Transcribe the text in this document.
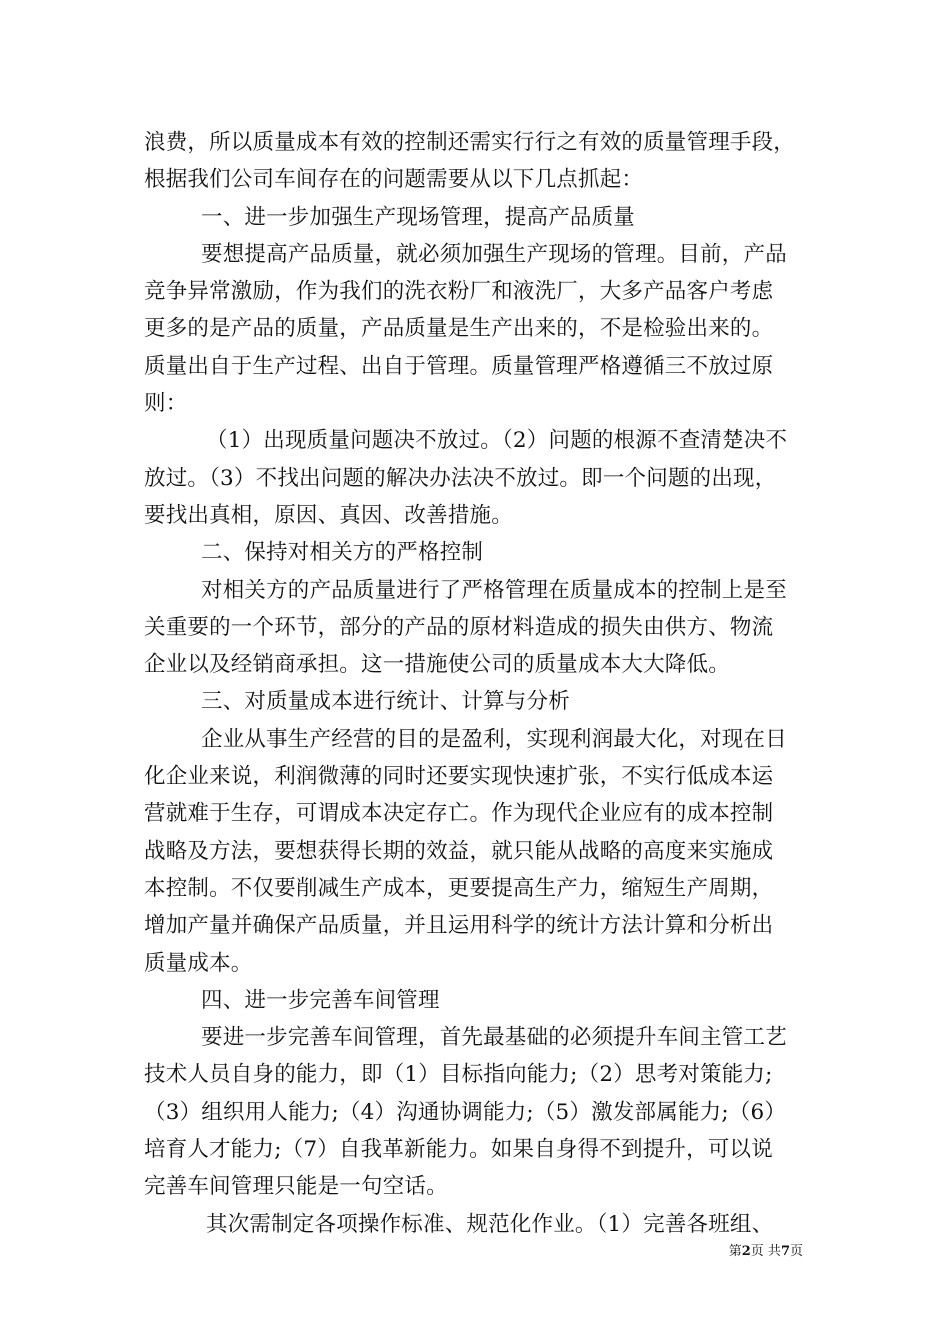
浪费，所以质量成本有效的控制还需实行行之有效的质量管理手段，
根据我们公司车间存在的问题需要从以下几点抓起：
一、进一步加强生产现场管理，提高产品质量
要想提高产品质量，就必须加强生产现场的管理。目前，产品
竞争异常激励，作为我们的洗衣粉厂和液洗厂，大多产品客户考虑
更多的是产品的质量，产品质量是生产出来的，不是检验出来的。
质量出自于生产过程、出自于管理。质量管理严格遵循三不放过原
则：
（1）出现质量问题决不放过。（2）问题的根源不查清楚决不
放过。（3）不找出问题的解决办法决不放过。即一个问题的出现，
要找出真相，原因、真因、改善措施。
二、保持对相关方的严格控制
对相关方的产品质量进行了严格管理在质量成本的控制上是至
关重要的一个环节，部分的产品的原材料造成的损失由供方、物流
企业以及经销商承担。这一措施使公司的质量成本大大降低。
三、对质量成本进行统计、计算与分析
企业从事生产经营的目的是盈利，实现利润最大化，对现在日
化企业来说，利润微薄的同时还要实现快速扩张，不实行低成本运
营就难于生存，可谓成本决定存亡。作为现代企业应有的成本控制
战略及方法，要想获得长期的效益，就只能从战略的高度来实施成
本控制。不仅要削减生产成本，更要提高生产力，缩短生产周期，
增加产量并确保产品质量，并且运用科学的统计方法计算和分析出
质量成本。
四、进一步完善车间管理
要进一步完善车间管理，首先最基础的必须提升车间主管工艺
技术人员自身的能力，即（1）目标指向能力;（2）思考对策能力;
（3）组织用人能力;（4）沟通协调能力;（5）激发部属能力;（6）
培育人才能力;（7）自我革新能力。如果自身得不到提升，可以说
完善车间管理只能是一句空话。
其次需制定各项操作标准、规范化作业。（1）完善各班组、
第2页 共7页
